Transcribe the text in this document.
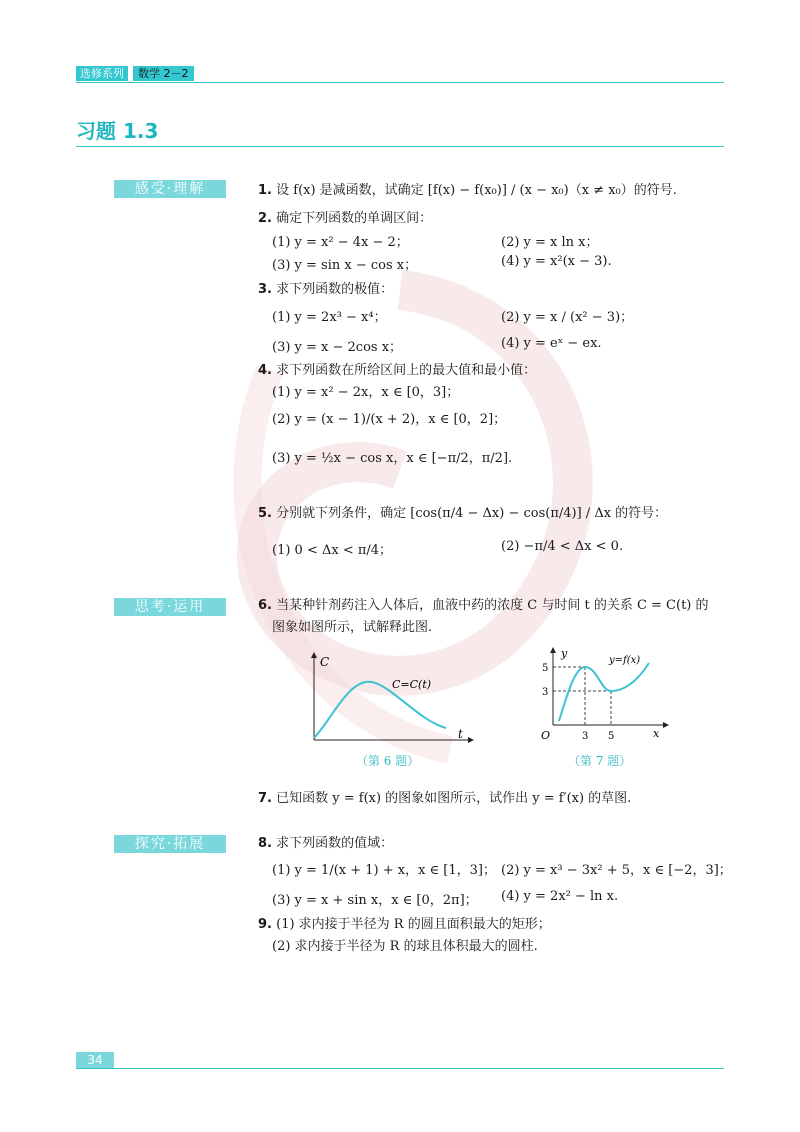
选修系列	数学 2－2
习题 1.3
感受·理解	1. 设 f(x) 是减函数，试确定 [f(x) − f(x₀)] / (x − x₀)（x ≠ x₀）的符号.
2. 确定下列函数的单调区间：
(1) y = x² − 4x − 2；	(2) y = x ln x；
(3) y = sin x − cos x；	(4) y = x²(x − 3).
3. 求下列函数的极值：
(1) y = 2x³ − x⁴；	(2) y = x / (x² − 3)；
(3) y = x − 2cos x；	(4) y = eˣ − ex.
4. 求下列函数在所给区间上的最大值和最小值：
(1) y = x² − 2x，x ∈ [0，3]；
(2) y = (x − 1)/(x + 2)，x ∈ [0，2]；
(3) y = ½x − cos x，x ∈ [−π/2，π/2].
5. 分别就下列条件，确定 [cos(π/4 − Δx) − cos(π/4)] / Δx 的符号：
(1) 0 < Δx < π/4；	(2) −π/4 < Δx < 0.
思考·运用	6. 当某种针剂药注入人体后，血液中药的浓度 C 与时间 t 的关系 C = C(t) 的
图象如图所示，试解释此图.
C
t
C=C(t)
（第 6 题）
y
x
O
y=f(x)
5
3
3 5
（第 7 题）
7. 已知函数 y = f(x) 的图象如图所示，试作出 y = f′(x) 的草图.
探究·拓展	8. 求下列函数的值域：
(1) y = 1/(x + 1) + x，x ∈ [1，3]； (2) y = x³ − 3x² + 5，x ∈ [−2，3]；
(3) y = x + sin x，x ∈ [0，2π]； (4) y = 2x² − ln x.
9. (1) 求内接于半径为 R 的圆且面积最大的矩形；
(2) 求内接于半径为 R 的球且体积最大的圆柱.
34
